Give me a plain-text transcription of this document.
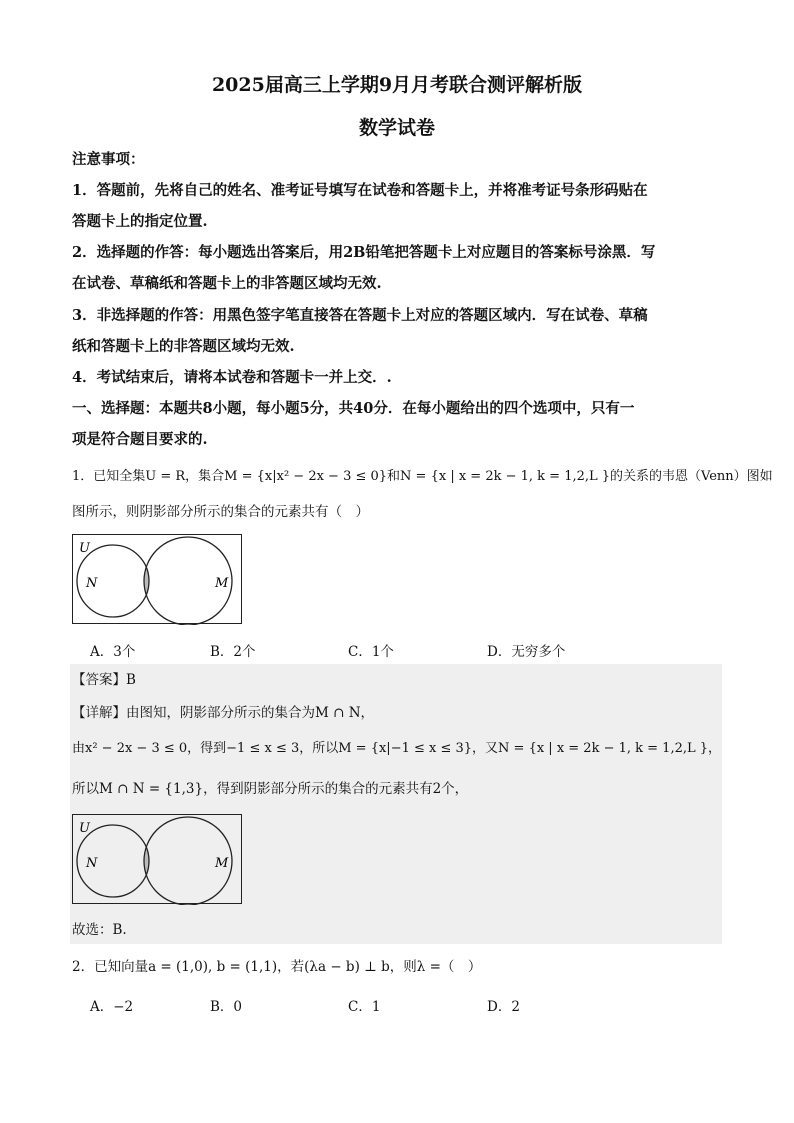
2025届高三上学期9月月考联合测评解析版
数学试卷
注意事项：
1．答题前，先将自己的姓名、准考证号填写在试卷和答题卡上，并将准考证号条形码贴在
答题卡上的指定位置.
2．选择题的作答：每小题选出答案后，用2B铅笔把答题卡上对应题目的答案标号涂黑．写
在试卷、草稿纸和答题卡上的非答题区域均无效.
3．非选择题的作答：用黑色签字笔直接答在答题卡上对应的答题区域内．写在试卷、草稿
纸和答题卡上的非答题区域均无效.
4．考试结束后，请将本试卷和答题卡一并上交．.
一、选择题：本题共8小题，每小题5分，共40分．在每小题给出的四个选项中，只有一
项是符合题目要求的.
1．已知全集U = R，集合M = {x|x² − 2x − 3 ≤ 0}和N = {x | x = 2k − 1, k = 1,2,L }的关系的韦恩（Venn）图如
图所示，则阴影部分所示的集合的元素共有（　）
U
N	M
A．3个	B．2个	C．1个	D．无穷多个
【答案】B
【详解】由图知，阴影部分所示的集合为M ∩ N，
由x² − 2x − 3 ≤ 0，得到−1 ≤ x ≤ 3，所以M = {x|−1 ≤ x ≤ 3}，又N = {x | x = 2k − 1, k = 1,2,L }，
所以M ∩ N = {1,3}，得到阴影部分所示的集合的元素共有2个，
U
N	M
故选：B.
2．已知向量a = (1,0), b = (1,1)，若(λa − b) ⊥ b，则λ =（　）
A．−2	B．0	C．1	D．2
